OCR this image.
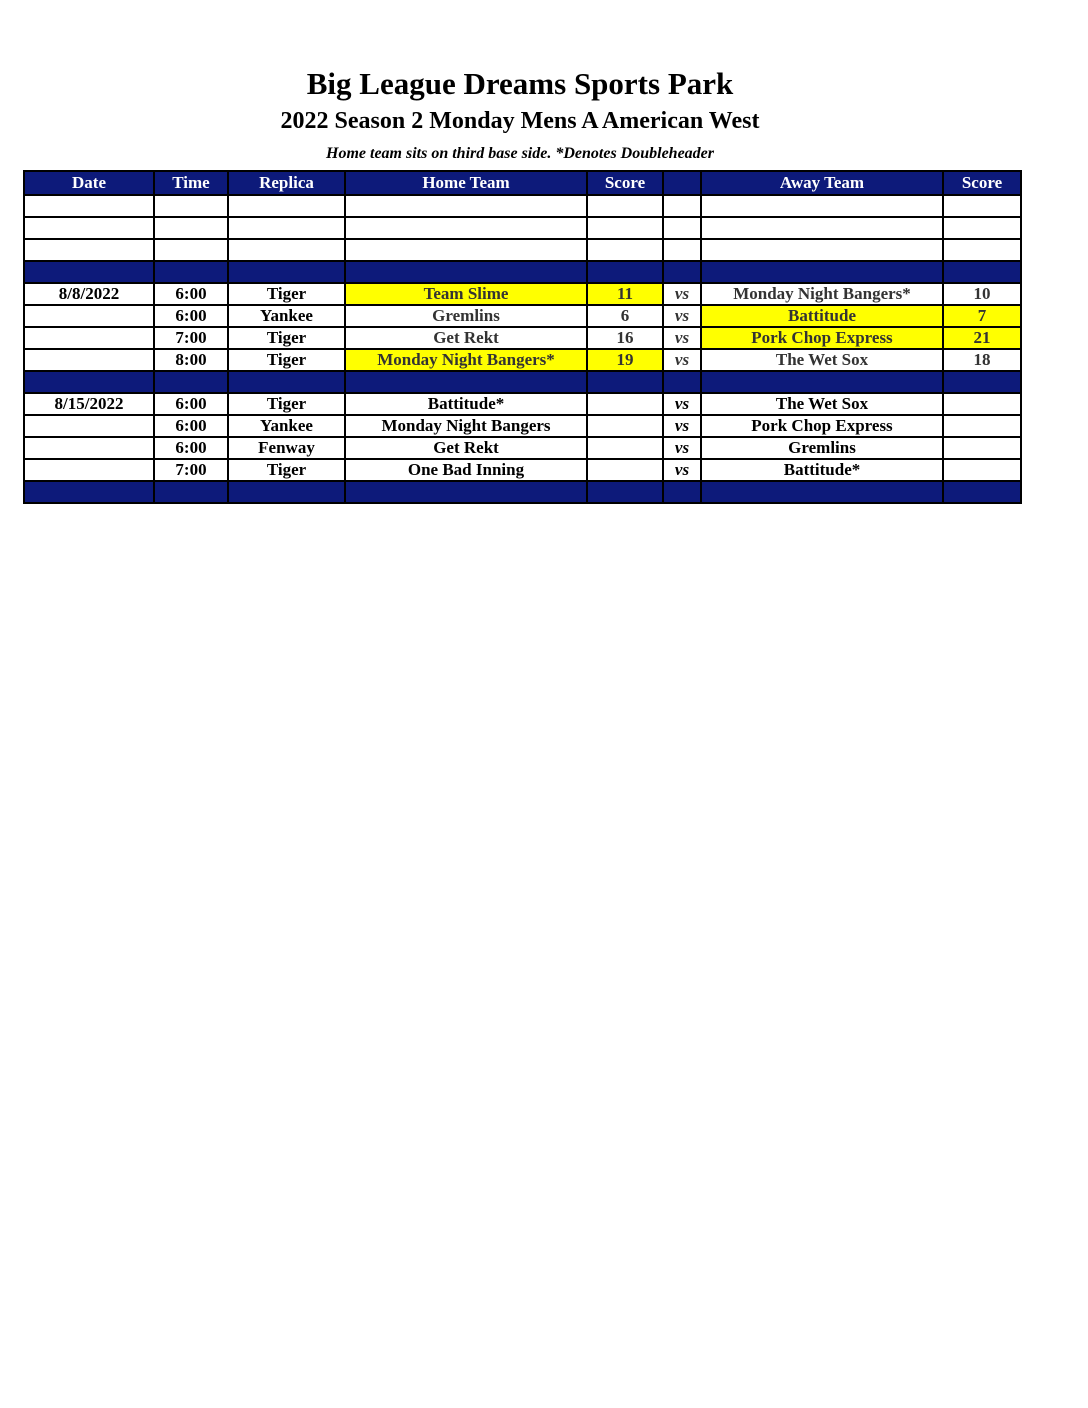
Big League Dreams Sports Park
2022 Season 2 Monday Mens A American West
Home team sits on third base side. *Denotes Doubleheader
Date	Time	Replica	Home Team	Score		Away Team	Score

8/8/2022	6:00	Tiger	Team Slime	11	vs	Monday Night Bangers*	10
	6:00	Yankee	Gremlins	6	vs	Battitude	7
	7:00	Tiger	Get Rekt	16	vs	Pork Chop Express	21
	8:00	Tiger	Monday Night Bangers*	19	vs	The Wet Sox	18

8/15/2022	6:00	Tiger	Battitude*		vs	The Wet Sox	
	6:00	Yankee	Monday Night Bangers		vs	Pork Chop Express	
	6:00	Fenway	Get Rekt		vs	Gremlins	
	7:00	Tiger	One Bad Inning		vs	Battitude*	
